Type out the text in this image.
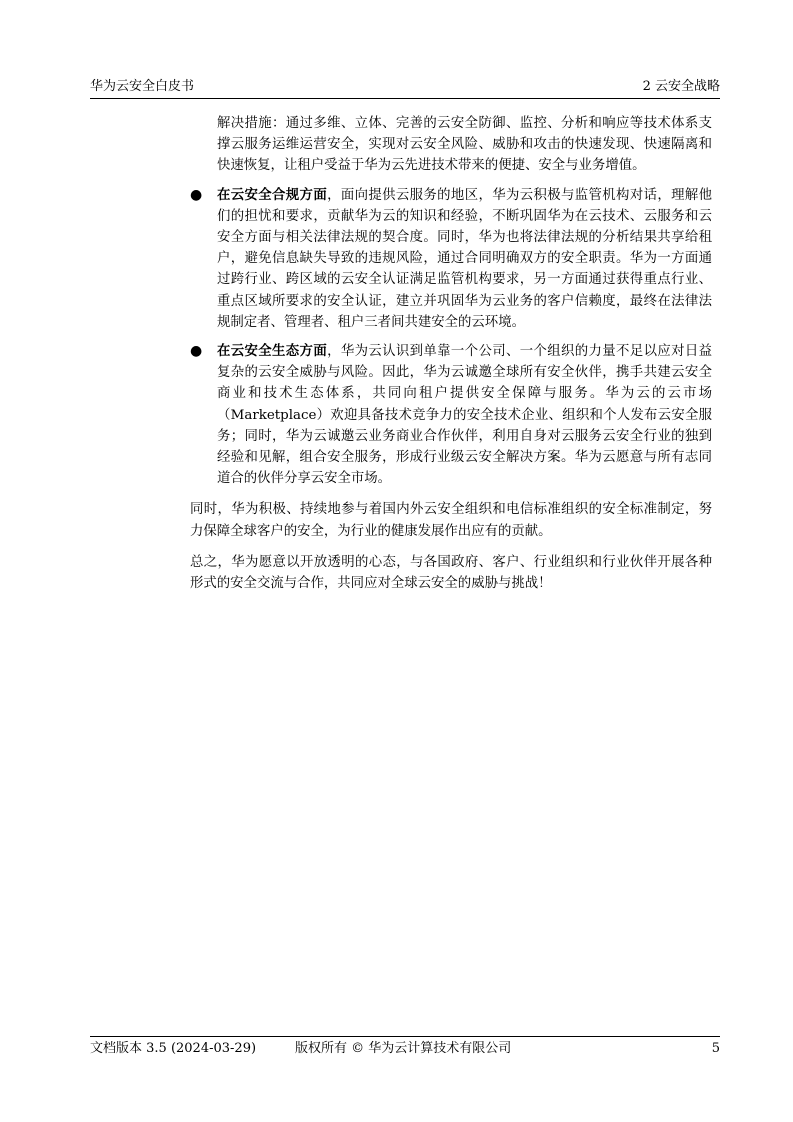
华为云安全白皮书	2 云安全战略

解决措施：通过多维、立体、完善的云安全防御、监控、分析和响应等技术体系支撑云服务运维运营安全，实现对云安全风险、威胁和攻击的快速发现、快速隔离和快速恢复，让租户受益于华为云先进技术带来的便捷、安全与业务增值。

● 在云安全合规方面，面向提供云服务的地区，华为云积极与监管机构对话，理解他们的担忧和要求，贡献华为云的知识和经验，不断巩固华为在云技术、云服务和云安全方面与相关法律法规的契合度。同时，华为也将法律法规的分析结果共享给租户，避免信息缺失导致的违规风险，通过合同明确双方的安全职责。华为一方面通过跨行业、跨区域的云安全认证满足监管机构要求，另一方面通过获得重点行业、重点区域所要求的安全认证，建立并巩固华为云业务的客户信赖度，最终在法律法规制定者、管理者、租户三者间共建安全的云环境。
● 在云安全生态方面，华为云认识到单靠一个公司、一个组织的力量不足以应对日益复杂的云安全威胁与风险。因此，华为云诚邀全球所有安全伙伴，携手共建云安全商业和技术生态体系，共同向租户提供安全保障与服务。华为云的云市场（Marketplace）欢迎具备技术竞争力的安全技术企业、组织和个人发布云安全服务；同时，华为云诚邀云业务商业合作伙伴，利用自身对云服务云安全行业的独到经验和见解，组合安全服务，形成行业级云安全解决方案。华为云愿意与所有志同道合的伙伴分享云安全市场。

同时，华为积极、持续地参与着国内外云安全组织和电信标准组织的安全标准制定，努力保障全球客户的安全，为行业的健康发展作出应有的贡献。

总之，华为愿意以开放透明的心态，与各国政府、客户、行业组织和行业伙伴开展各种形式的安全交流与合作，共同应对全球云安全的威胁与挑战！

文档版本 3.5 (2024-03-29)	版权所有 © 华为云计算技术有限公司	5
